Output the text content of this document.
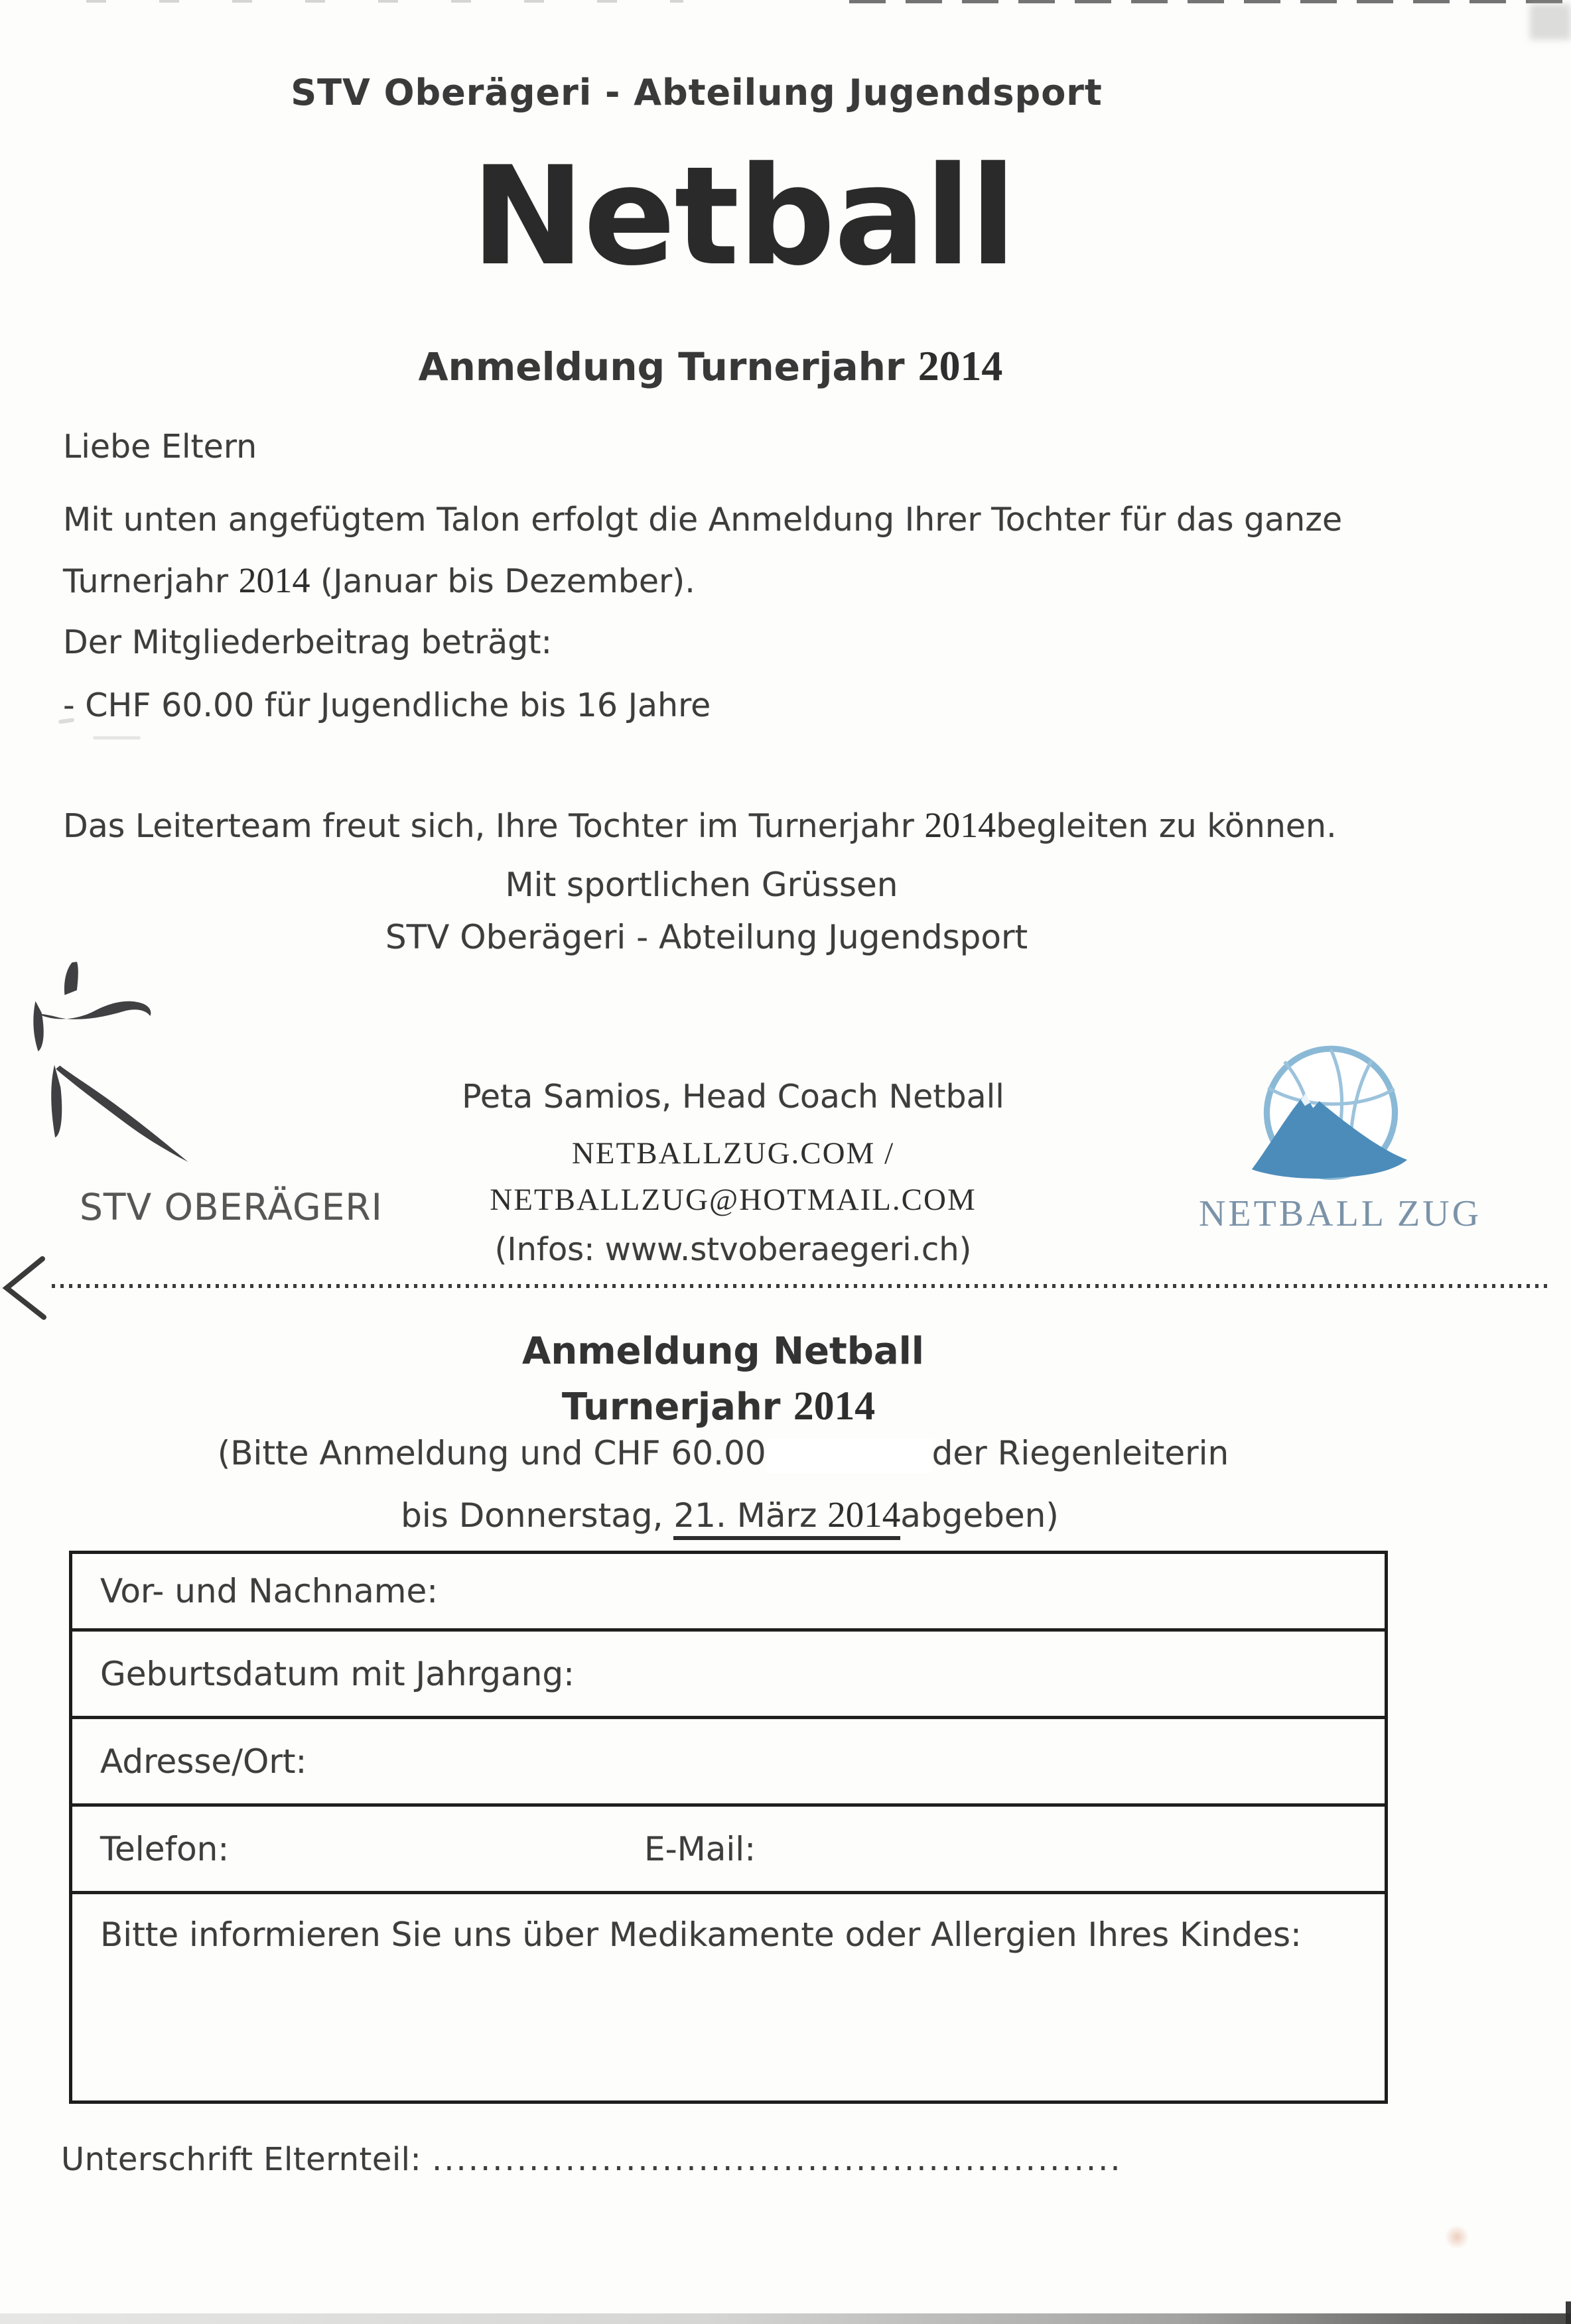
STV Oberägeri - Abteilung Jugendsport
Netball
Anmeldung Turnerjahr 2014
Liebe Eltern
Mit unten angefügtem Talon erfolgt die Anmeldung Ihrer Tochter für das ganze
Turnerjahr 2014 (Januar bis Dezember).
Der Mitgliederbeitrag beträgt:
- CHF 60.00 für Jugendliche bis 16 Jahre
Das Leiterteam freut sich, Ihre Tochter im Turnerjahr 2014begleiten zu können.
Mit sportlichen Grüssen
STV Oberägeri - Abteilung Jugendsport
STV OBERÄGERI
Peta Samios, Head Coach Netball
NETBALLZUG.COM /
NETBALLZUG@HOTMAIL.COM
(Infos: www.stvoberaegeri.ch)
NETBALL ZUG
Anmeldung Netball
Turnerjahr 2014
(Bitte Anmeldung und CHF 60.00	der Riegenleiterin
bis Donnerstag, 21. März 2014abgeben)
Vor- und Nachname:
Geburtsdatum mit Jahrgang:
Adresse/Ort:
Telefon:	E-Mail:
Bitte informieren Sie uns über Medikamente oder Allergien Ihres Kindes:
Unterschrift Elternteil: .........................................................
